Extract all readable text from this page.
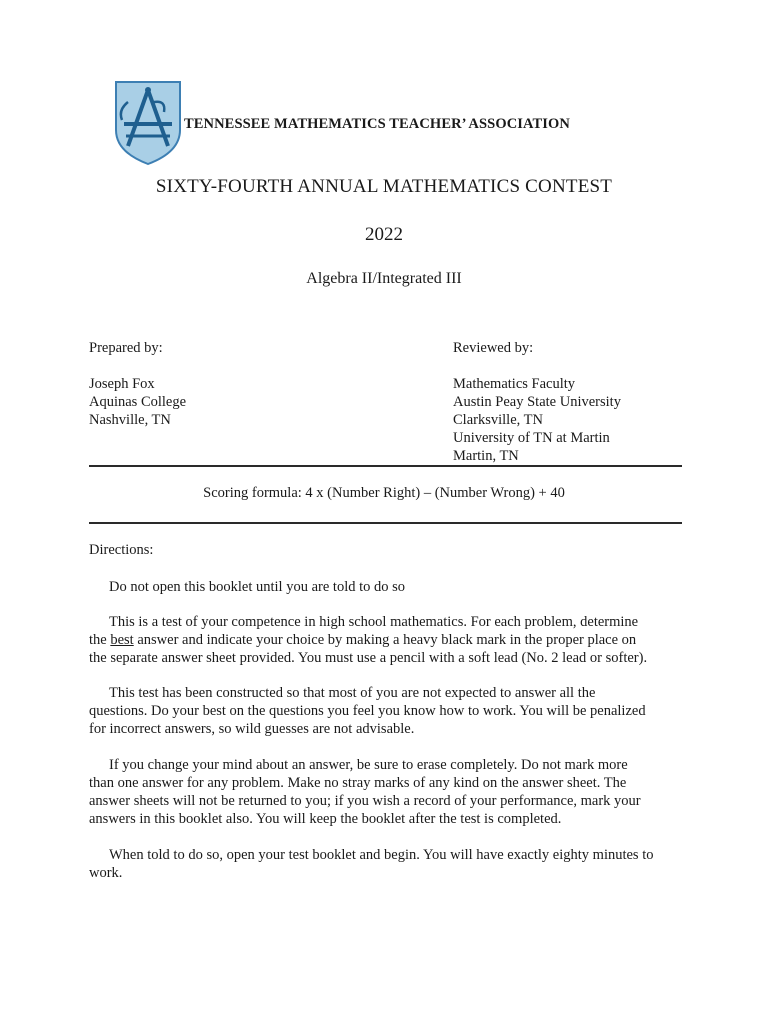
TENNESSEE MATHEMATICS TEACHER’ ASSOCIATION
SIXTY-FOURTH ANNUAL MATHEMATICS CONTEST
2022
Algebra II/Integrated III
Prepared by:
Joseph Fox
Aquinas College
Nashville, TN
Reviewed by:
Mathematics Faculty
Austin Peay State University
Clarksville, TN
University of TN at Martin
Martin, TN
Scoring formula: 4 x (Number Right) – (Number Wrong) + 40
Directions:
Do not open this booklet until you are told to do so
This is a test of your competence in high school mathematics. For each problem, determine
the best answer and indicate your choice by making a heavy black mark in the proper place on
the separate answer sheet provided. You must use a pencil with a soft lead (No. 2 lead or softer).
This test has been constructed so that most of you are not expected to answer all the
questions. Do your best on the questions you feel you know how to work. You will be penalized
for incorrect answers, so wild guesses are not advisable.
If you change your mind about an answer, be sure to erase completely. Do not mark more
than one answer for any problem. Make no stray marks of any kind on the answer sheet. The
answer sheets will not be returned to you; if you wish a record of your performance, mark your
answers in this booklet also. You will keep the booklet after the test is completed.
When told to do so, open your test booklet and begin. You will have exactly eighty minutes to
work.
